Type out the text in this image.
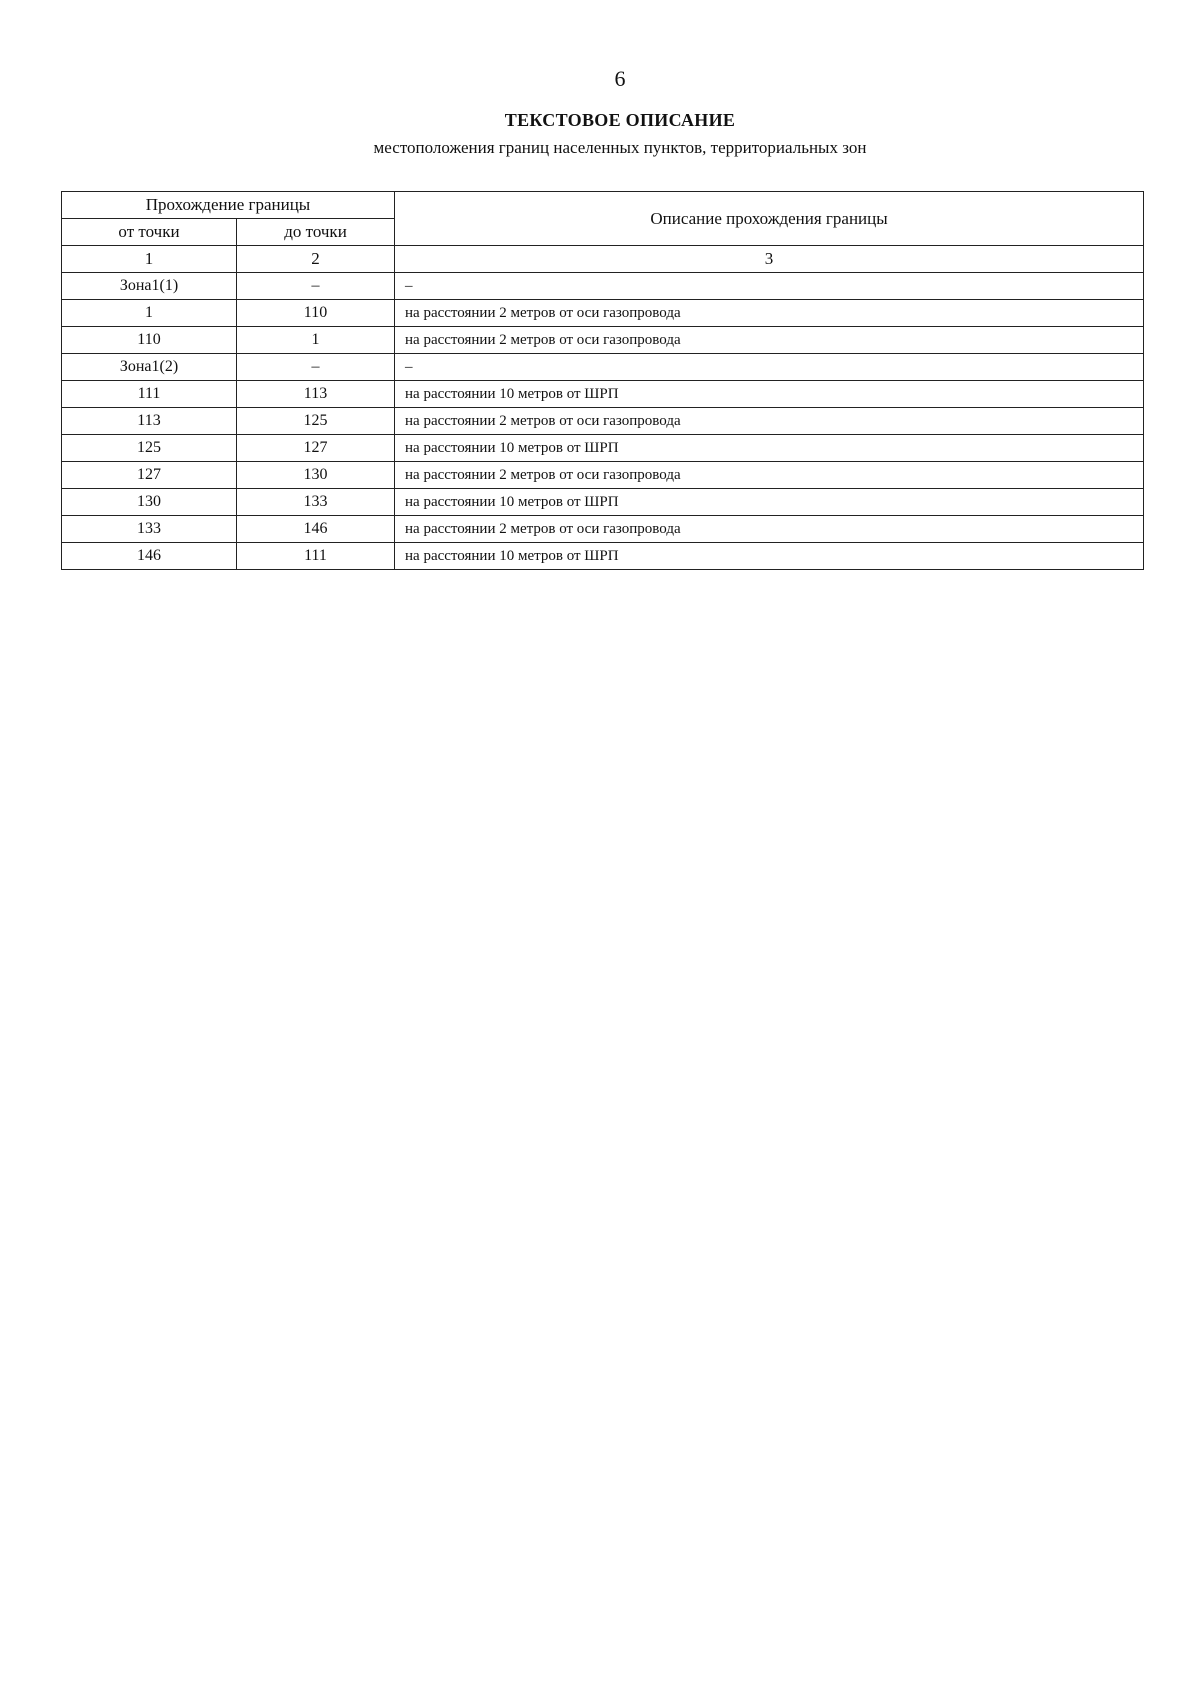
6
ТЕКСТОВОЕ ОПИСАНИЕ
местоположения границ населенных пунктов, территориальных зон
Прохождение границы		Описание прохождения границы
от точки	до точки	
1	2	3
Зона1(1)	–	–
1	110	на расстоянии 2 метров от оси газопровода
110	1	на расстоянии 2 метров от оси газопровода
Зона1(2)	–	–
111	113	на расстоянии 10 метров от ШРП
113	125	на расстоянии 2 метров от оси газопровода
125	127	на расстоянии 10 метров от ШРП
127	130	на расстоянии 2 метров от оси газопровода
130	133	на расстоянии 10 метров от ШРП
133	146	на расстоянии 2 метров от оси газопровода
146	111	на расстоянии 10 метров от ШРП
